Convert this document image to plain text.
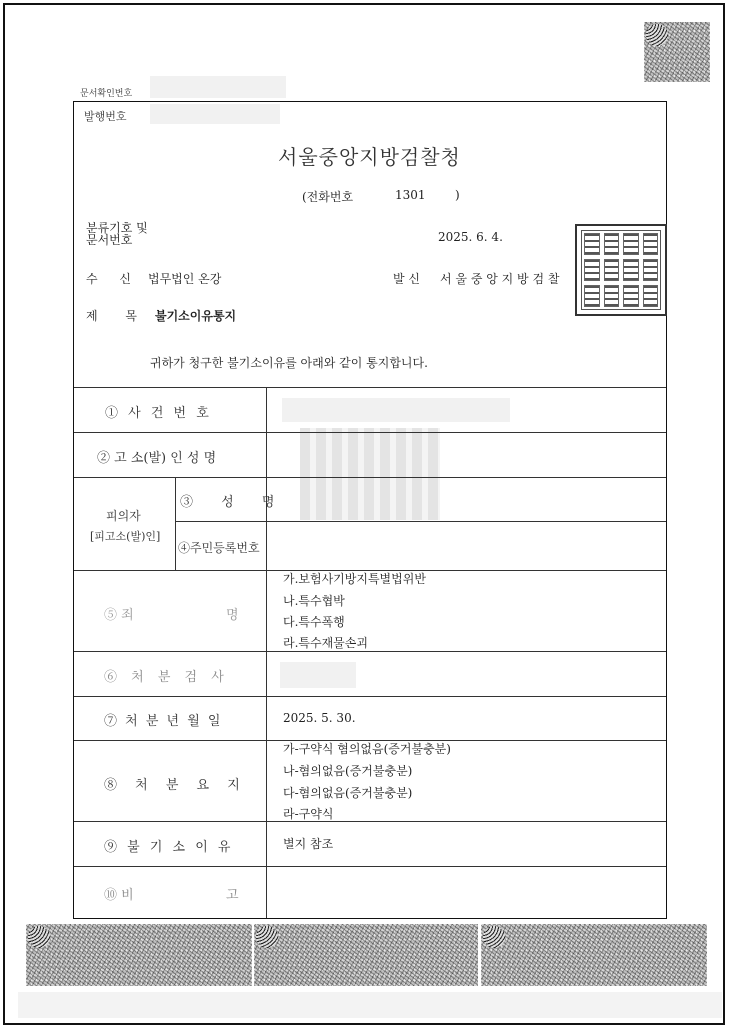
문서확인번호
발행번호
서울중앙지방검찰청
(전화번호	1301 )
분류기호 및
문서번호	2025. 6. 4.
수 신 법무법인 온강	발 신 서 울 중 앙 지 방 검 찰
제 목 불기소이유통지
귀하가 청구한 불기소이유를 아래와 같이 통지합니다.
① 사 건 번 호
② 고 소(발) 인 성 명
피의자
[피고소(발)인]
③ 성 명
④주민등록번호
⑤ 죄	명
가.보험사기방지특별법위반
나.특수협박
다.특수폭행
라.특수재물손괴
⑥ 처 분 검 사
⑦ 처 분 년 월 일	2025. 5. 30.
⑧ 처 분 요 지
가-구약식 혐의없음(증거불충분)
나-혐의없음(증거불충분)
다-혐의없음(증거불충분)
라-구약식
⑨ 불 기 소 이 유	별지 참조
⑩ 비	고
